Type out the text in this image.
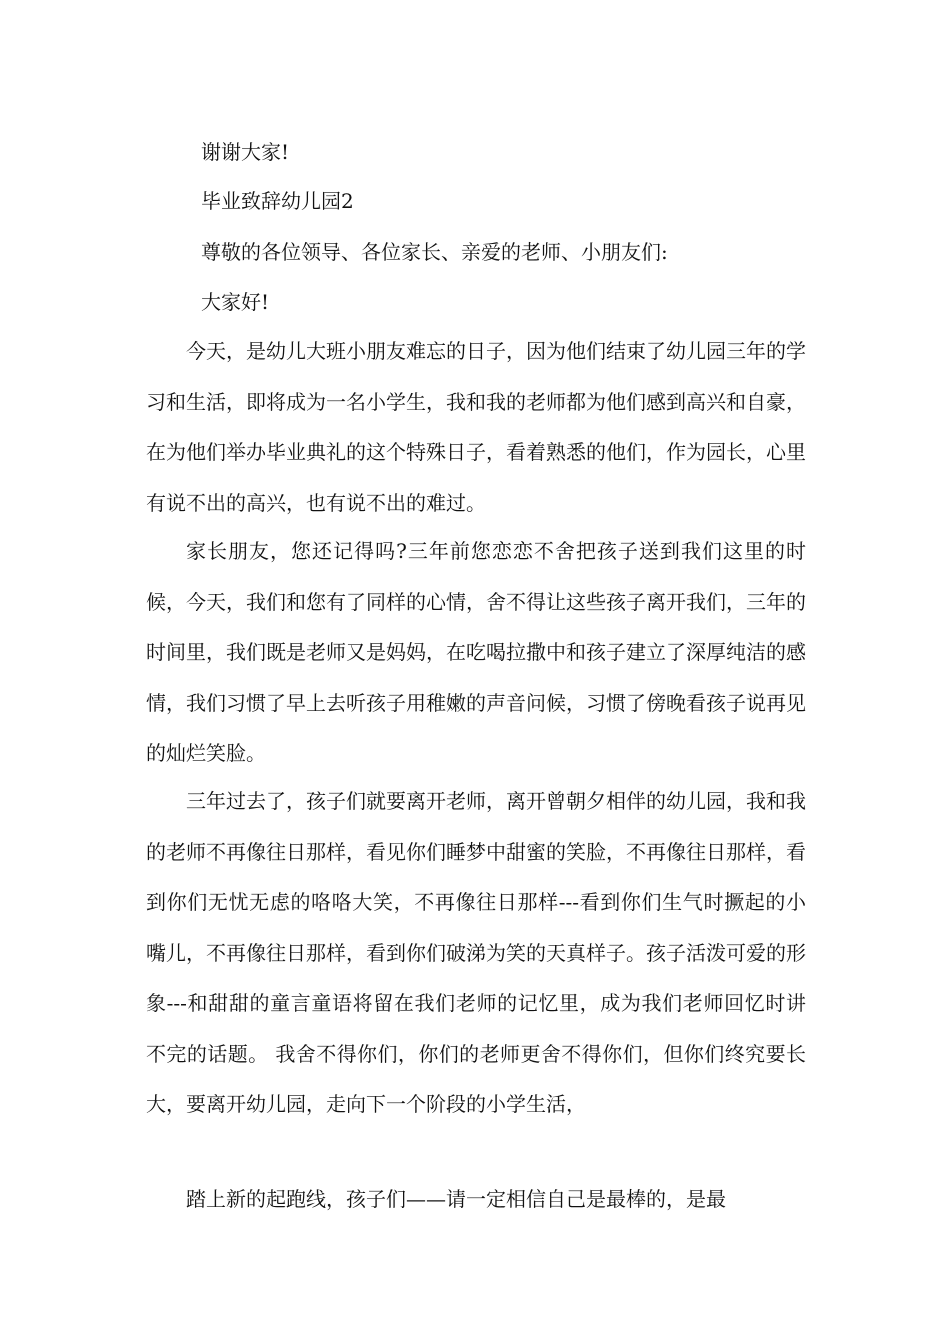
谢谢大家!

毕业致辞幼儿园2

尊敬的各位领导、各位家长、亲爱的老师、小朋友们:

大家好!

今天，是幼儿大班小朋友难忘的日子，因为他们结束了幼儿园三年的学习和生活，即将成为一名小学生，我和我的老师都为他们感到高兴和自豪，在为他们举办毕业典礼的这个特殊日子，看着熟悉的他们，作为园长，心里有说不出的高兴，也有说不出的难过。

家长朋友，您还记得吗?三年前您恋恋不舍把孩子送到我们这里的时候，今天，我们和您有了同样的心情，舍不得让这些孩子离开我们，三年的时间里，我们既是老师又是妈妈，在吃喝拉撒中和孩子建立了深厚纯洁的感情，我们习惯了早上去听孩子用稚嫩的声音问候，习惯了傍晚看孩子说再见的灿烂笑脸。

三年过去了，孩子们就要离开老师，离开曾朝夕相伴的幼儿园，我和我的老师不再像往日那样，看见你们睡梦中甜蜜的笑脸，不再像往日那样，看到你们无忧无虑的咯咯大笑，不再像往日那样---看到你们生气时撅起的小嘴儿，不再像往日那样，看到你们破涕为笑的天真样子。孩子活泼可爱的形象---和甜甜的童言童语将留在我们老师的记忆里，成为我们老师回忆时讲不完的话题。 我舍不得你们，你们的老师更舍不得你们，但你们终究要长大，要离开幼儿园，走向下一个阶段的小学生活，

踏上新的起跑线，孩子们——请一定相信自己是最棒的，是最
